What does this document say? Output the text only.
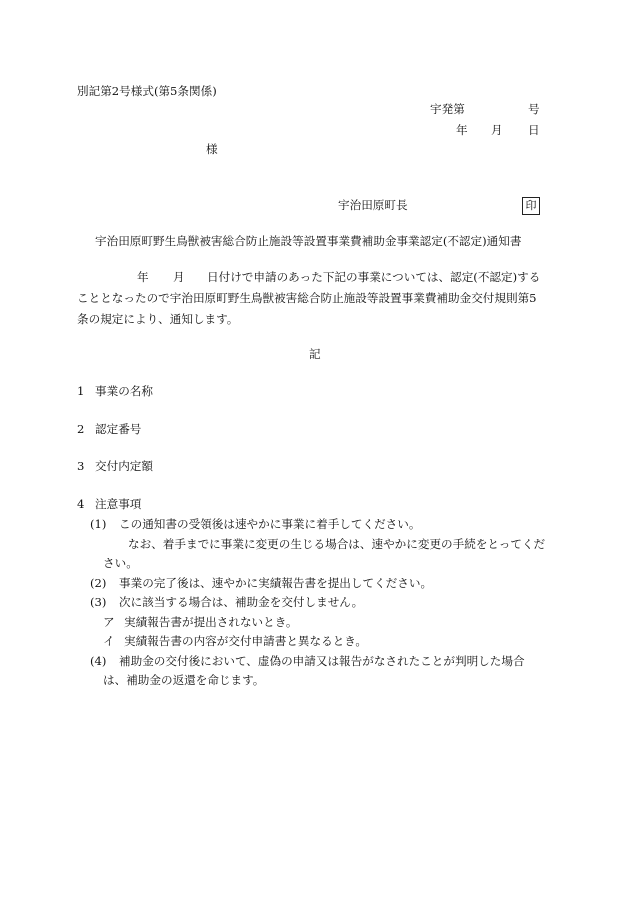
別記第2号様式(第5条関係)
宇発第	号
年 月 日
様
宇治田原町長	印
宇治田原町野生鳥獣被害総合防止施設等設置事業費補助金事業認定(不認定)通知書
年 月 日付けで申請のあった下記の事業については、認定(不認定)する
こととなったので宇治田原町野生鳥獣被害総合防止施設等設置事業費補助金交付規則第5
条の規定により、通知します。
記
1 事業の名称
2 認定番号
3 交付内定額
4 注意事項
(1) この通知書の受領後は速やかに事業に着手してください。
なお、着手までに事業に変更の生じる場合は、速やかに変更の手続をとってくだ
さい。
(2) 事業の完了後は、速やかに実績報告書を提出してください。
(3) 次に該当する場合は、補助金を交付しません。
ア 実績報告書が提出されないとき。
イ 実績報告書の内容が交付申請書と異なるとき。
(4) 補助金の交付後において、虚偽の申請又は報告がなされたことが判明した場合
は、補助金の返還を命じます。
